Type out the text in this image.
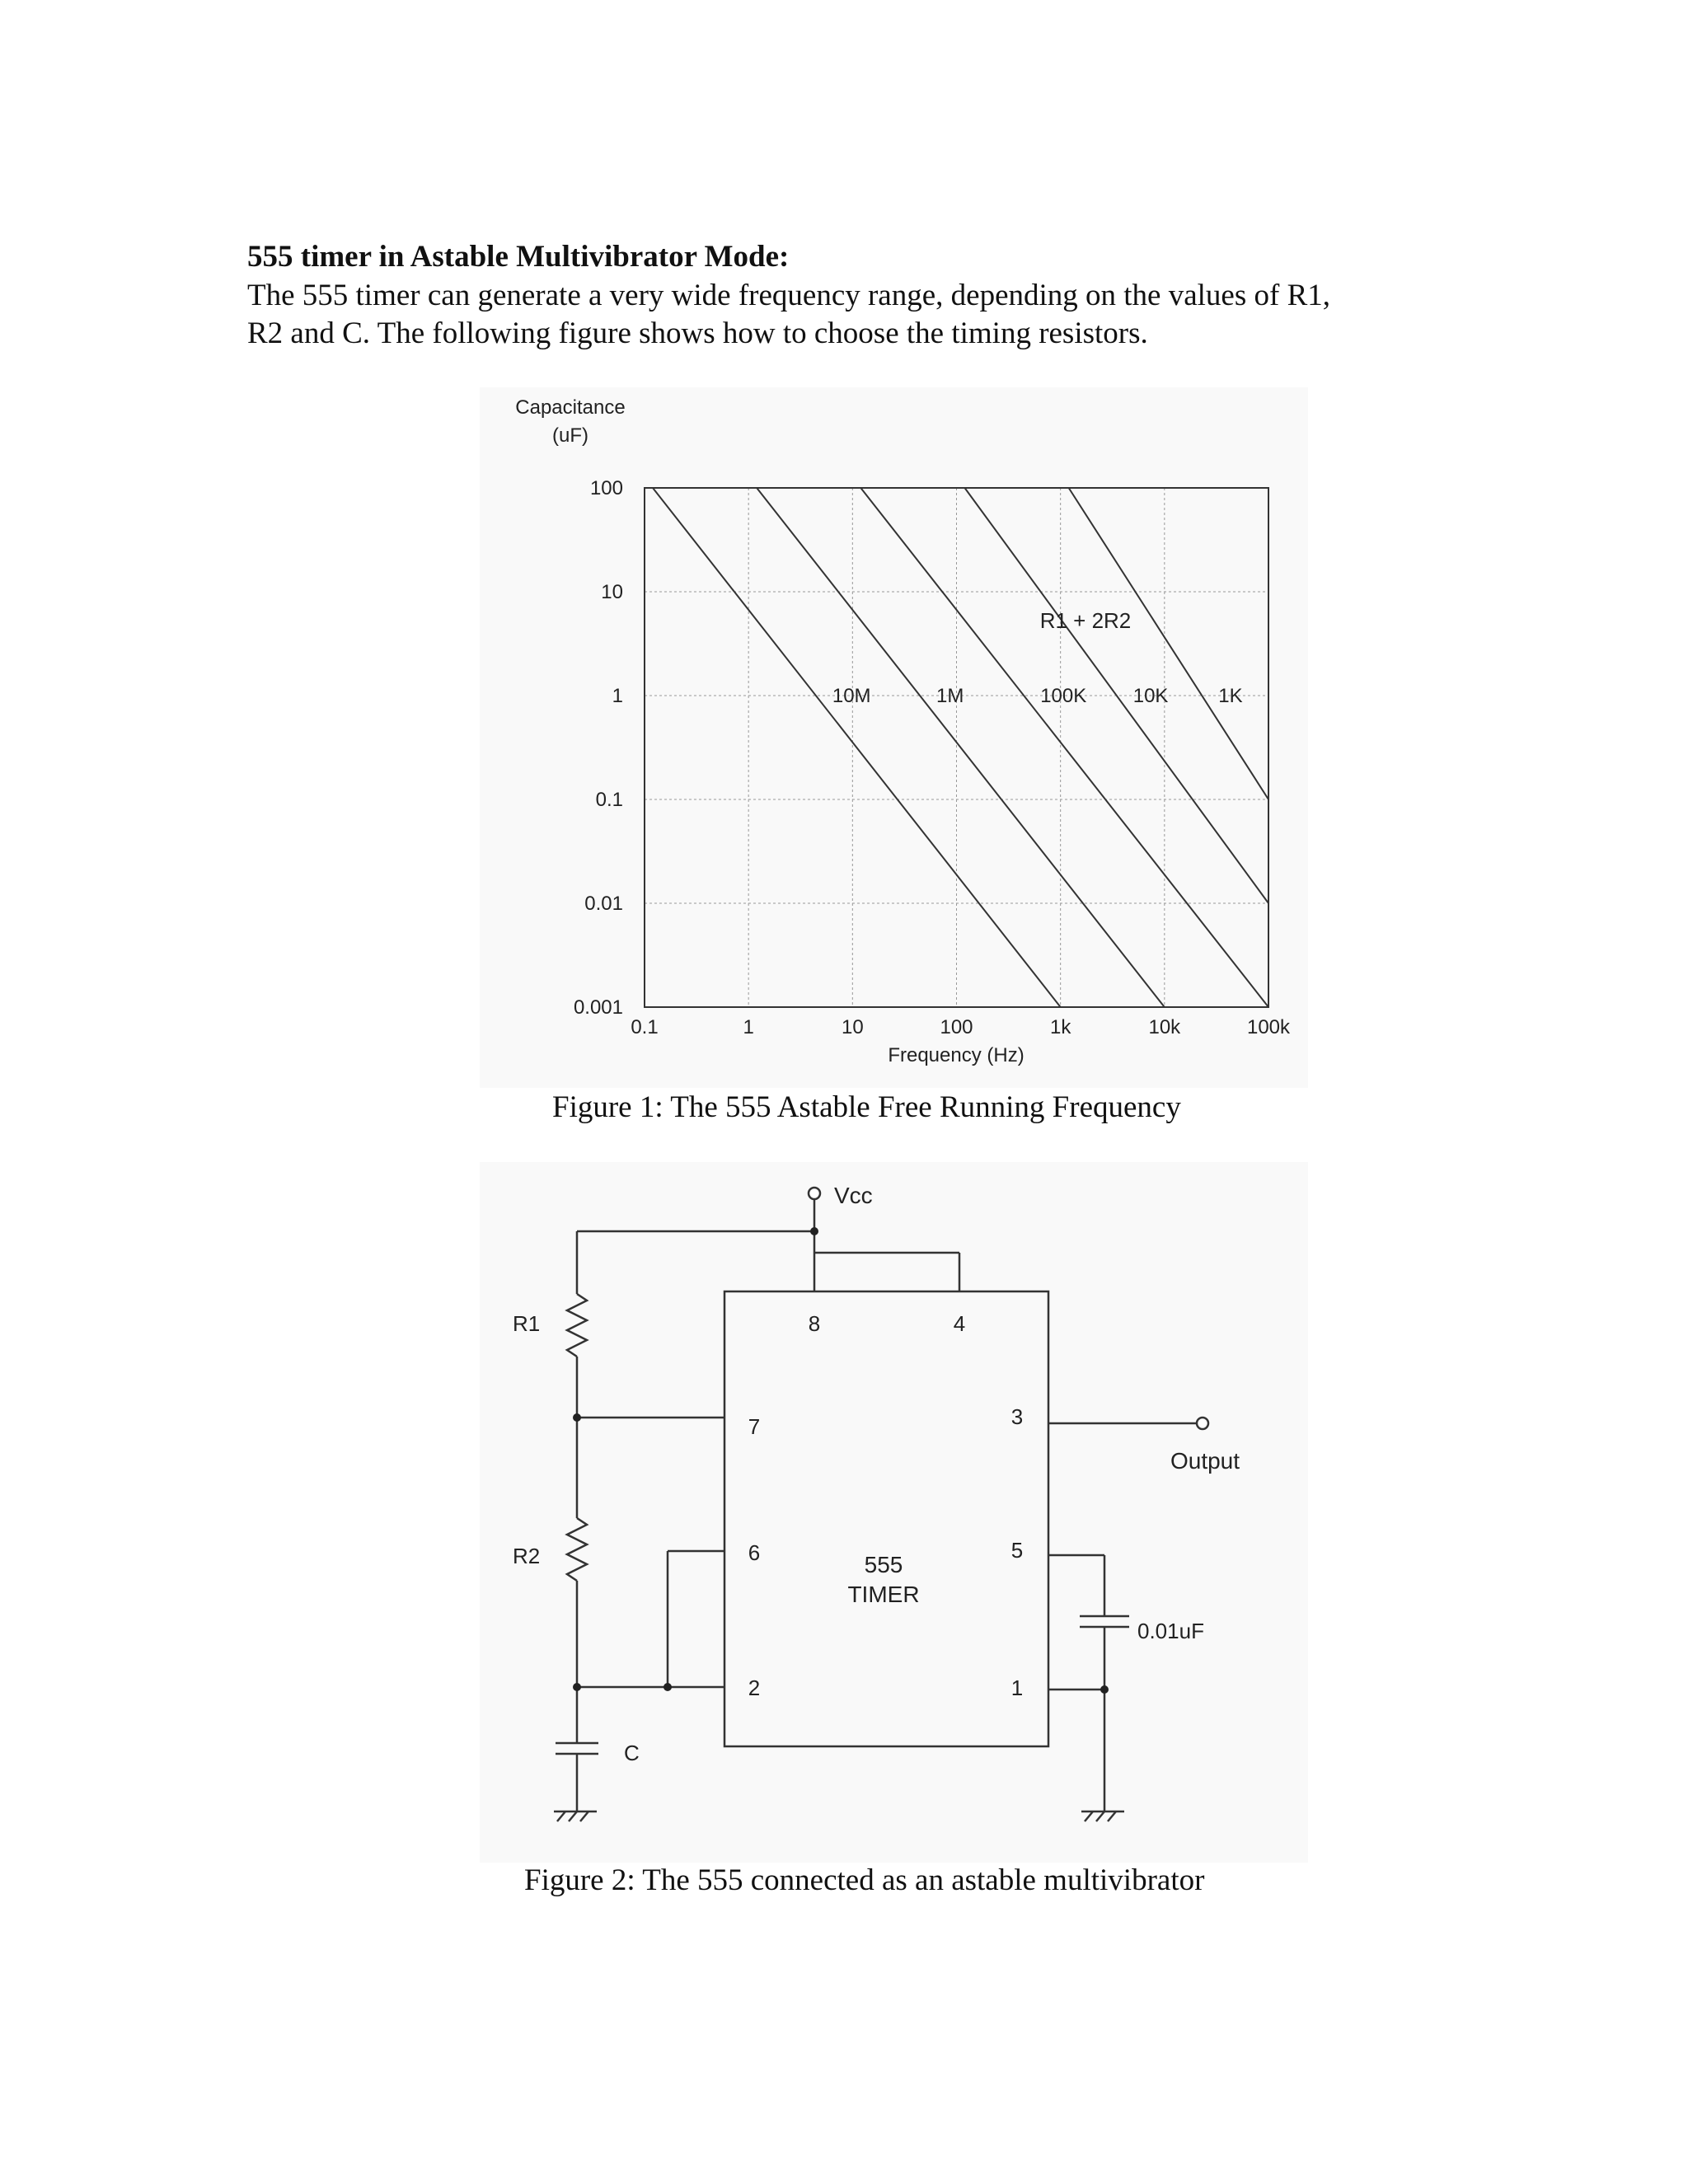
555 timer in Astable Multivibrator Mode:

The 555 timer can generate a very wide frequency range, depending on the values of R1,
R2 and C. The following figure shows how to choose the timing resistors.

0.1	1	10	100	1k	10k	100k
100
10
1
0.1
0.01
0.001
Capacitance
(uF)
Frequency (Hz)
R1 + 2R2
10M	1M	100K 10K	1K

Figure 1: The 555 Astable Free Running Frequency

Vcc
R1
R2
C
Output
0.01uF
555
TIMER
8	4
7	3
6	5
2	1

Figure 2: The 555 connected as an astable multivibrator
